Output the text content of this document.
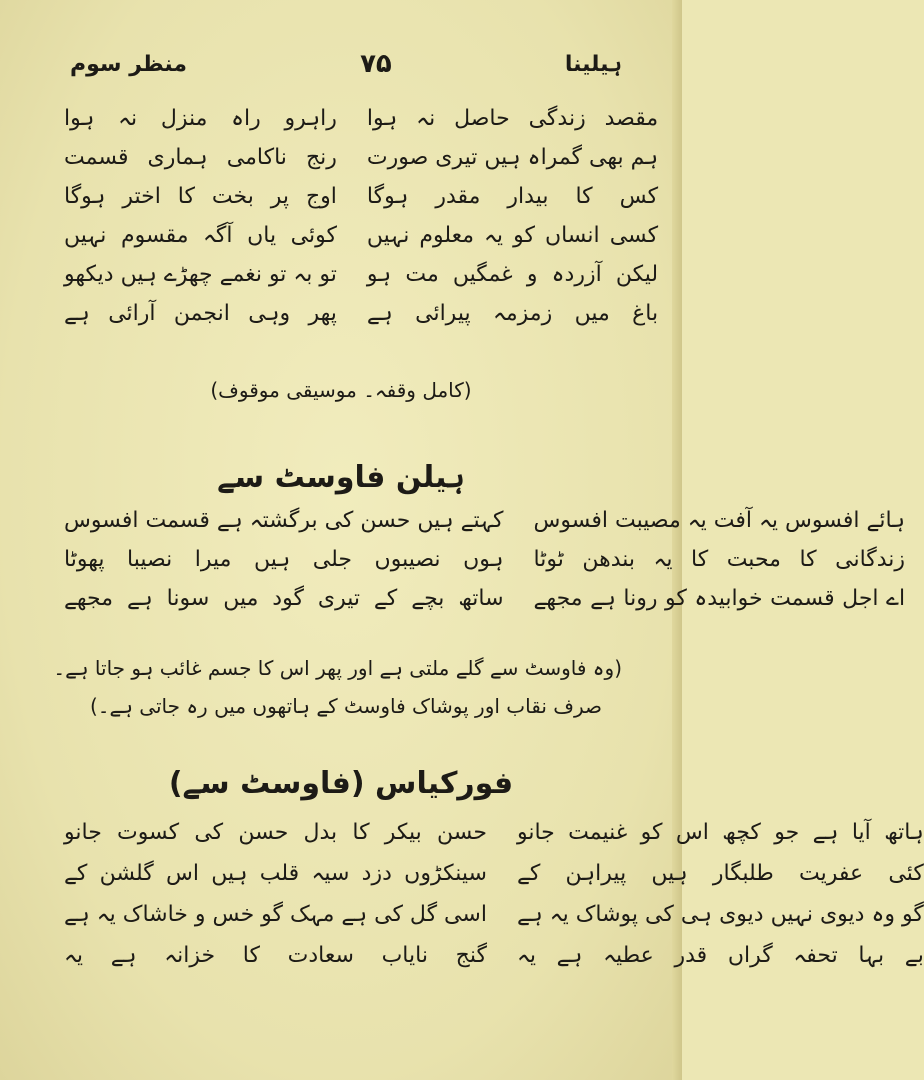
ہیلینا
۷۵
منظر سوم
راہرو راہ منزل نہ ہوا مقصد زندگی حاصل نہ ہوا
رنج ناکامی ہماری قسمت ہم بھی گمراہ ہیں تیری صورت
اوج پر بخت کا اختر ہوگا کس کا بیدار مقدر ہوگا
کوئی یاں آگہ مقسوم نہیں کسی انساں کو یہ معلوم نہیں
تو بہ تو نغمے چھڑے ہیں دیکھو لیکن آزردہ و غمگیں مت ہو
پھر وہی انجمن آرائی ہے باغ میں زمزمہ پیرائی ہے
(کامل وقفہ۔ موسیقی موقوف)
ہیلن فاوسٹ سے
کہتے ہیں حسن کی برگشتہ ہے قسمت افسوس ہائے افسوس یہ آفت یہ مصیبت افسوس
ہوں نصیبوں جلی ہیں میرا نصیبا پھوٹا زندگانی کا محبت کا یہ بندھن ٹوٹا
ساتھ بچے کے تیری گود میں سونا ہے مجھے اے اجل قسمت خوابیدہ کو رونا ہے مجھے
(وہ فاوسٹ سے گلے ملتی ہے اور پھر اس کا جسم غائب ہو جاتا ہے۔
صرف نقاب اور پوشاک فاوسٹ کے ہاتھوں میں رہ جاتی ہے۔)
فورکیاس (فاوسٹ سے)
حسن بیکر کا بدل حسن کی کسوت جانو ہاتھ آیا ہے جو کچھ اس کو غنیمت جانو
سینکڑوں دزد سیہ قلب ہیں اس گلشن کے کئی عفریت طلبگار ہیں پیراہن کے
اسی گل کی ہے مہک گو خس و خاشاک یہ ہے گو وہ دیوی نہیں دیوی ہی کی پوشاک یہ ہے
گنج نایاب سعادت کا خزانہ ہے یہ بے بہا تحفہ گراں قدر عطیہ ہے یہ
